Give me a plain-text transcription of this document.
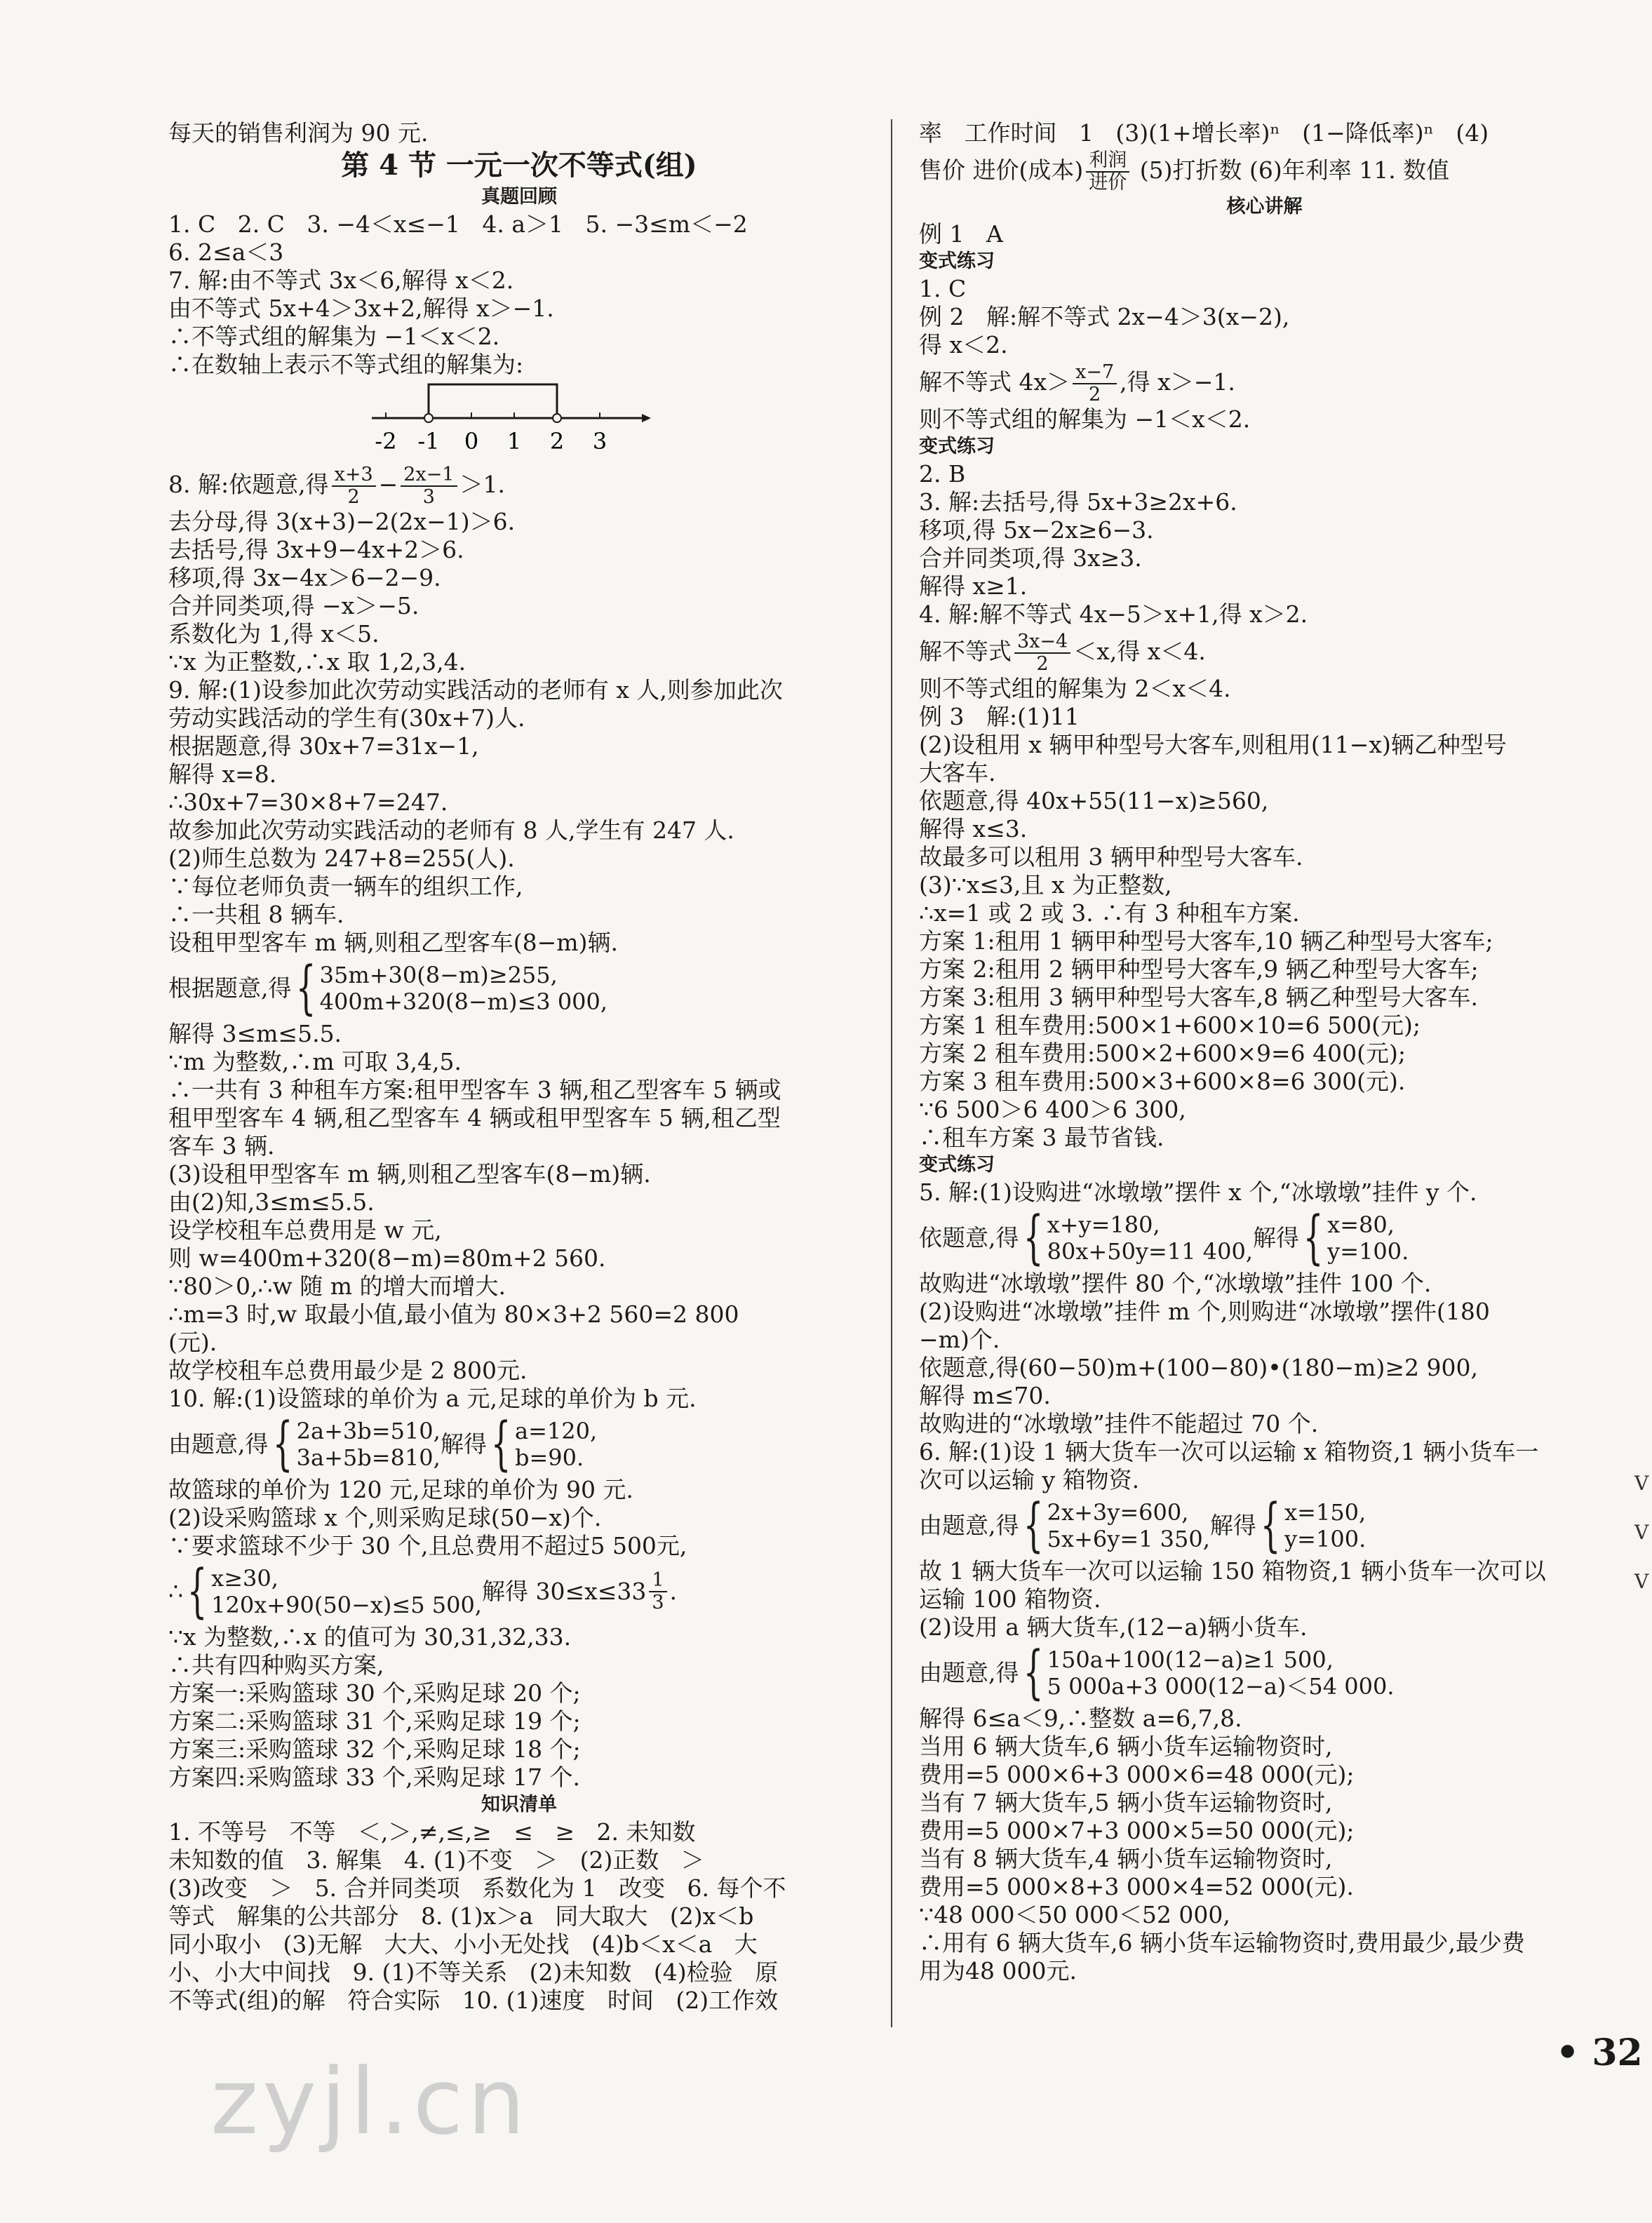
每天的销售利润为 90 元.
第 4 节 一元一次不等式(组)
真题回顾
1. C   2. C   3. −4＜x≤−1   4. a＞1   5. −3≤m＜−2
6. 2≤a＜3
7. 解:由不等式 3x＜6,解得 x＜2.
由不等式 5x+4＞3x+2,解得 x＞−1.
∴不等式组的解集为 −1＜x＜2.
∴在数轴上表示不等式组的解集为:
-2 -1 0 1 2 3
8. 解:依题意,得 $\frac{x+3}{2} - \frac{2x-1}{3} >1$.
去分母,得 3(x+3)−2(2x−1)＞6.
去括号,得 3x+9−4x+2＞6.
移项,得 3x−4x＞6−2−9.
合并同类项,得 −x＞−5.
系数化为 1,得 x＜5.
∵x 为正整数,∴x 取 1,2,3,4.
9. 解:(1)设参加此次劳动实践活动的老师有 x 人,则参加此次
劳动实践活动的学生有(30x+7)人.
根据题意,得 30x+7=31x−1,
解得 x=8.
∴30x+7=30×8+7=247.
故参加此次劳动实践活动的老师有 8 人,学生有 247 人.
(2)师生总数为 247+8=255(人).
∵每位老师负责一辆车的组织工作,
∴一共租 8 辆车.
设租甲型客车 m 辆,则租乙型客车(8−m)辆.
根据题意,得 { 35m+30(8−m)≥255,
400m+320(8−m)≤3 000,
解得 3≤m≤5.5.
∵m 为整数,∴m 可取 3,4,5.
∴一共有 3 种租车方案:租甲型客车 3 辆,租乙型客车 5 辆或
租甲型客车 4 辆,租乙型客车 4 辆或租甲型客车 5 辆,租乙型
客车 3 辆.
(3)设租甲型客车 m 辆,则租乙型客车(8−m)辆.
由(2)知,3≤m≤5.5.
设学校租车总费用是 w 元,
则 w=400m+320(8−m)=80m+2 560.
∵80＞0,∴w 随 m 的增大而增大.
∴m=3 时,w 取最小值,最小值为 80×3+2 560=2 800
(元).
故学校租车总费用最少是 2 800元.
10. 解:(1)设篮球的单价为 a 元,足球的单价为 b 元.
由题意,得 { 2a+3b=510,
3a+5b=810, 解得 { a=120,
b=90.
故篮球的单价为 120 元,足球的单价为 90 元.
(2)设采购篮球 x 个,则采购足球(50−x)个.
∵要求篮球不少于 30 个,且总费用不超过5 500元,
∴ { x≥30,
120x+90(50−x)≤5 500, 解得 $30\le x\le 33 \frac{1}{3}$ .
∵x 为整数,∴x 的值可为 30,31,32,33.
∴共有四种购买方案,
方案一:采购篮球 30 个,采购足球 20 个;
方案二:采购篮球 31 个,采购足球 19 个;
方案三:采购篮球 32 个,采购足球 18 个;
方案四:采购篮球 33 个,采购足球 17 个.
知识清单
1. 不等号   不等   ＜,＞,≠,≤,≥   ≤   ≥   2. 未知数
未知数的值   3. 解集   4. (1)不变   ＞   (2)正数   ＞
(3)改变   ＞   5. 合并同类项   系数化为 1   改变   6. 每个不
等式   解集的公共部分   8. (1)x＞a   同大取大   (2)x＜b
同小取小   (3)无解   大大、小小无处找   (4)b＜x＜a   大
小、小大中间找   9. (1)不等关系   (2)未知数   (4)检验   原
不等式(组)的解   符合实际   10. (1)速度   时间   (2)工作效
率   工作时间   1   (3)(1+增长率)ⁿ   (1−降低率)ⁿ   (4)
售价 进价(成本) $\frac{\text{利润}}{\text{进价}} (5)$打折数 (6)年利率 11. 数值
核心讲解
例 1   A
变式练习
1. C
例 2   解:解不等式 2x−4＞3(x−2),
得 x＜2.
解不等式 $4x> \frac{x-7}{2}$ ,得 x＞−1.
则不等式组的解集为 −1＜x＜2.
变式练习
2. B
3. 解:去括号,得 5x+3≥2x+6.
移项,得 5x−2x≥6−3.
合并同类项,得 3x≥3.
解得 x≥1.
4. 解:解不等式 4x−5＞x+1,得 x＞2.
解不等式 $\frac{3x-4}{2} <x$,得 x＜4.
则不等式组的解集为 2＜x＜4.
例 3   解:(1)11
(2)设租用 x 辆甲种型号大客车,则租用(11−x)辆乙种型号
大客车.
依题意,得 40x+55(11−x)≥560,
解得 x≤3.
故最多可以租用 3 辆甲种型号大客车.
(3)∵x≤3,且 x 为正整数,
∴x=1 或 2 或 3. ∴有 3 种租车方案.
方案 1:租用 1 辆甲种型号大客车,10 辆乙种型号大客车;
方案 2:租用 2 辆甲种型号大客车,9 辆乙种型号大客车;
方案 3:租用 3 辆甲种型号大客车,8 辆乙种型号大客车.
方案 1 租车费用:500×1+600×10=6 500(元);
方案 2 租车费用:500×2+600×9=6 400(元);
方案 3 租车费用:500×3+600×8=6 300(元).
∵6 500＞6 400＞6 300,
∴租车方案 3 最节省钱.
变式练习
5. 解:(1)设购进“冰墩墩”摆件 x 个,“冰墩墩”挂件 y 个.
依题意,得 { x+y=180,
80x+50y=11 400, 解得 { x=80,
y=100.
故购进“冰墩墩”摆件 80 个,“冰墩墩”挂件 100 个.
(2)设购进“冰墩墩”挂件 m 个,则购进“冰墩墩”摆件(180
−m)个.
依题意,得(60−50)m+(100−80)•(180−m)≥2 900,
解得 m≤70.
故购进的“冰墩墩”挂件不能超过 70 个.
6. 解:(1)设 1 辆大货车一次可以运输 x 箱物资,1 辆小货车一
次可以运输 y 箱物资.
由题意,得 { 2x+3y=600,
5x+6y=1 350, 解得 { x=150,
y=100.
故 1 辆大货车一次可以运输 150 箱物资,1 辆小货车一次可以
运输 100 箱物资.
(2)设用 a 辆大货车,(12−a)辆小货车.
由题意,得 { 150a+100(12−a)≥1 500,
5 000a+3 000(12−a)＜54 000.
解得 6≤a＜9,∴整数 a=6,7,8.
当用 6 辆大货车,6 辆小货车运输物资时,
费用=5 000×6+3 000×6=48 000(元);
当有 7 辆大货车,5 辆小货车运输物资时,
费用=5 000×7+3 000×5=50 000(元);
当有 8 辆大货车,4 辆小货车运输物资时,
费用=5 000×8+3 000×4=52 000(元).
∵48 000＜50 000＜52 000,
∴用有 6 辆大货车,6 辆小货车运输物资时,费用最少,最少费
用为48 000元.
V
V
V
• 32
zyjl.cn
